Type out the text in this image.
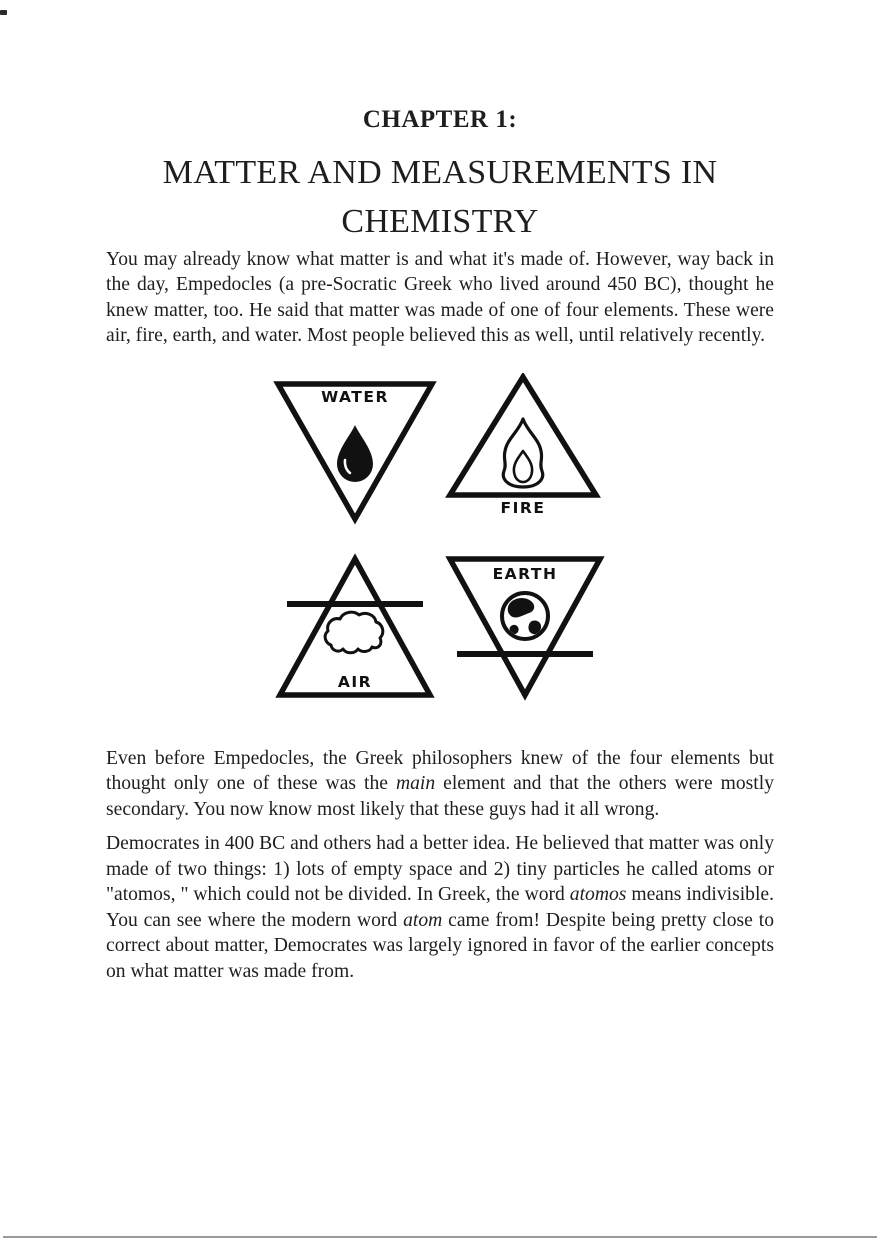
CHAPTER 1:
MATTER AND MEASUREMENTS IN CHEMISTRY

You may already know what matter is and what it's made of. However, way back in the day, Empedocles (a pre-Socratic Greek who lived around 450 BC), thought he knew matter, too. He said that matter was made of one of four elements. These were air, fire, earth, and water. Most people believed this as well, until relatively recently.

WATER
FIRE
AIR
EARTH

Even before Empedocles, the Greek philosophers knew of the four elements but thought only one of these was the main element and that the others were mostly secondary. You now know most likely that these guys had it all wrong.

Democrates in 400 BC and others had a better idea. He believed that matter was only made of two things: 1) lots of empty space and 2) tiny particles he called atoms or "atomos, " which could not be divided. In Greek, the word atomos means indivisible. You can see where the modern word atom came from! Despite being pretty close to correct about matter, Democrates was largely ignored in favor of the earlier concepts on what matter was made from.
